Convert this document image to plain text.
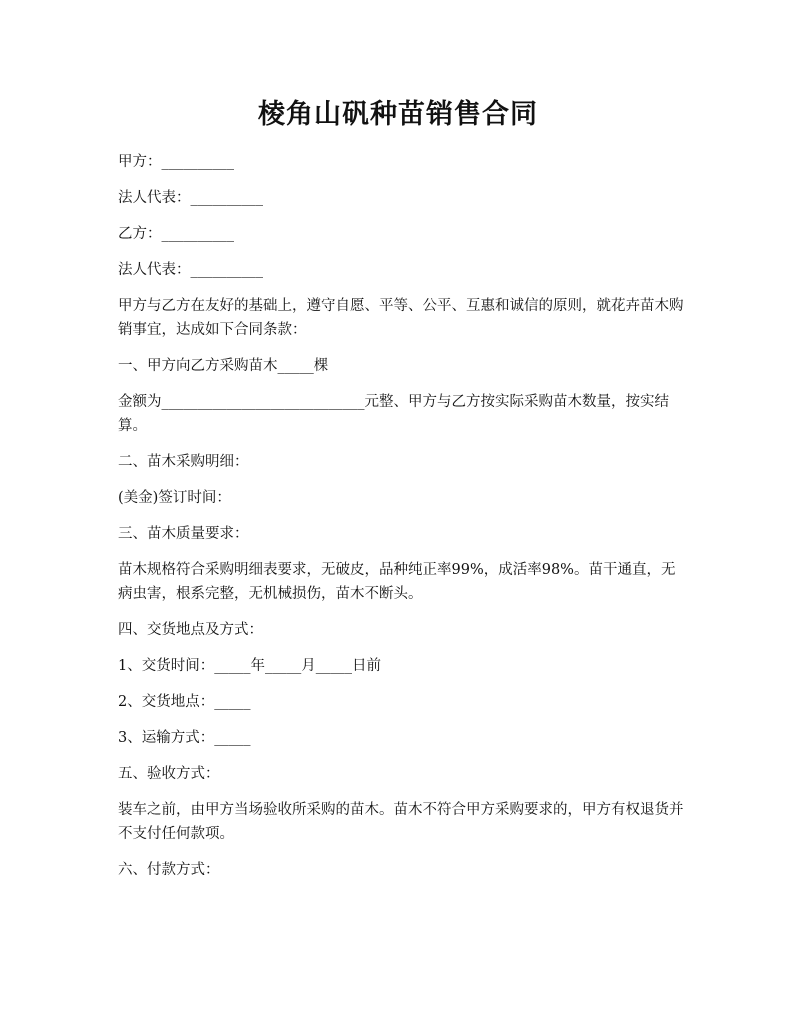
棱角山矾种苗销售合同
甲方：__________
法人代表：__________
乙方：__________
法人代表：__________
甲方与乙方在友好的基础上，遵守自愿、平等、公平、互惠和诚信的原则，就花卉苗木购销事宜，达成如下合同条款：
一、甲方向乙方采购苗木_____棵
金额为____________________________元整、甲方与乙方按实际采购苗木数量，按实结算。
二、苗木采购明细：
(美金)签订时间：
三、苗木质量要求：
苗木规格符合采购明细表要求，无破皮，品种纯正率99%，成活率98%。苗干通直，无病虫害，根系完整，无机械损伤，苗木不断头。
四、交货地点及方式：
1、交货时间：_____年_____月_____日前
2、交货地点：_____
3、运输方式：_____
五、验收方式：
装车之前，由甲方当场验收所采购的苗木。苗木不符合甲方采购要求的，甲方有权退货并不支付任何款项。
六、付款方式：
